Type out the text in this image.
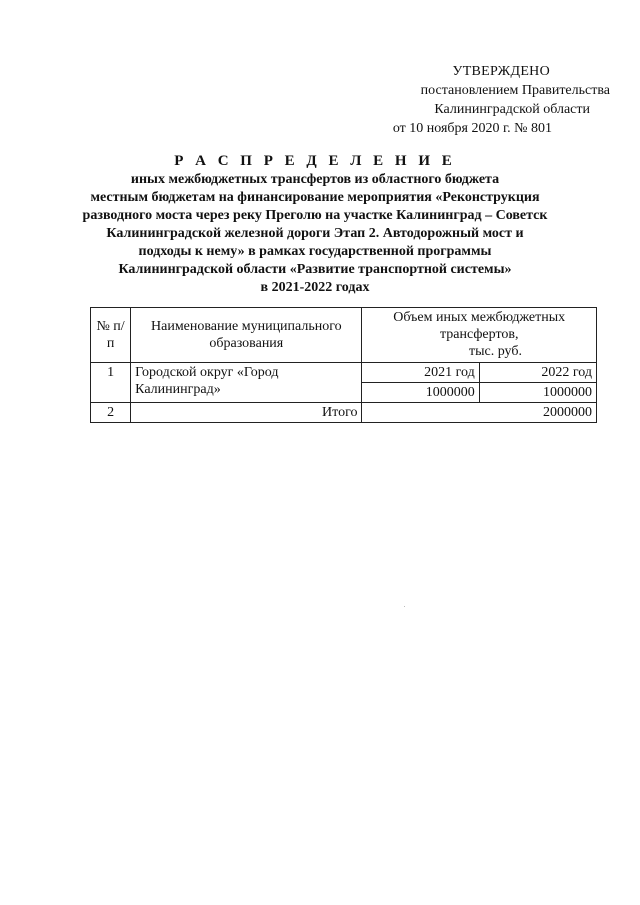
УТВЕРЖДЕНО
постановлением Правительства
Калининградской области
от 10 ноября 2020 г. № 801
Р А С П Р Е Д Е Л Е Н И Е
иных межбюджетных трансфертов из областного бюджета
местным бюджетам на финансирование мероприятия «Реконструкция
разводного моста через реку Преголю на участке Калининград – Советск
Калининградской железной дороги Этап 2. Автодорожный мост и
подходы к нему» в рамках государственной программы
Калининградской области «Развитие транспортной системы»
в 2021-2022 годах
№ п/п	Наименование муниципального образования	Объем иных межбюджетных трансфертов,
тыс. руб.	

1	Городской округ «Город Калининград»	2021 год	2022 год
		1000000	1000000
2	Итого	2000000	
